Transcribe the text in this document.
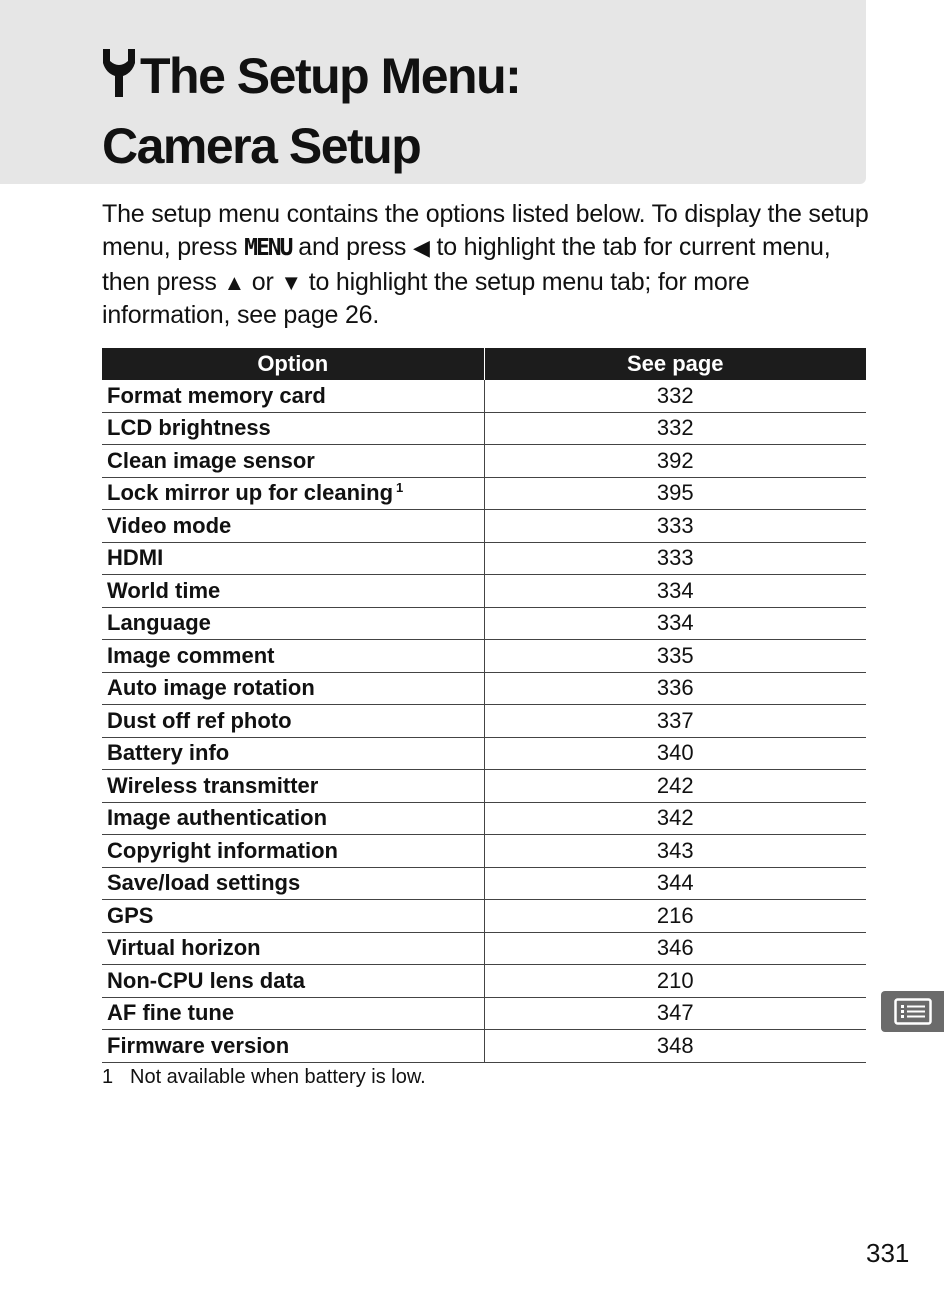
The Setup Menu:
Camera Setup

The setup menu contains the options listed below. To display the setup menu, press MENU and press ◀ to highlight the tab for current menu, then press ▲ or ▼ to highlight the setup menu tab; for more information, see page 26.

Option	See page
Format memory card	332
LCD brightness	332
Clean image sensor	392
Lock mirror up for cleaning $^1$	395
Video mode	333
HDMI	333
World time	334
Language	334
Image comment	335
Auto image rotation	336
Dust off ref photo	337
Battery info	340
Wireless transmitter	242
Image authentication	342
Copyright information	343
Save/load settings	344
GPS	216
Virtual horizon	346
Non-CPU lens data	210
AF fine tune	347
Firmware version	348

1 Not available when battery is low.

331
